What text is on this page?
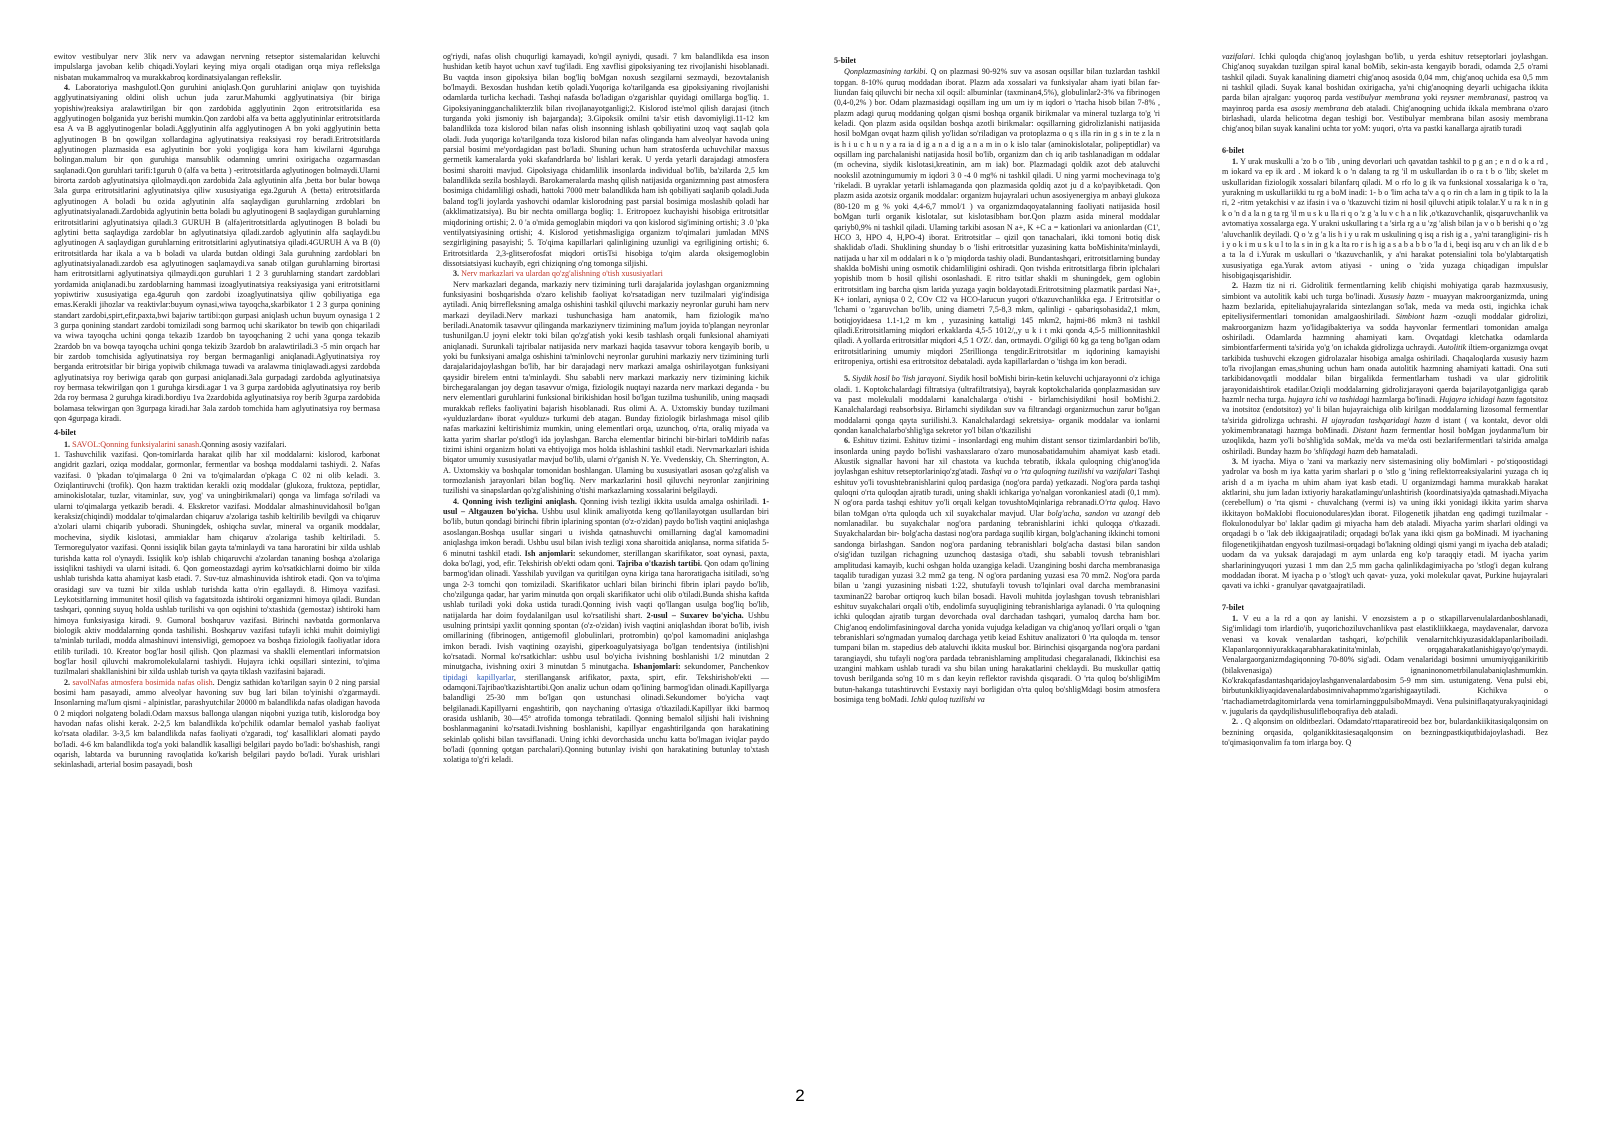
ewitov vestibulyar nerv 3lik nerv va adawgan nervning retseptor sistemalaridan keluvchi impulslarga javoban kelib chiqadi.Yoylari keying miya orqali otadigan orqa miya reflekslga nisbatan mukammalroq va murakkabroq kordinatsiyalangan reflekslir.

4. Laboratoriya mashgulotl.Qon guruhini aniqlash.Qon guruhlarini aniqlaw qon tuyishida agglyutinatsiyaning oldini olish uchun juda zarur.Mahumki agglyutinatsiya (bir biriga yopishiw)reaksiya aralawtirilgan bir qon zardobida agglyutinin 2qon eritrotsitlarida esa agglyutinogen bolganida yuz berishi mumkin.Qon zardobi alfa va betta agglyutininlar eritrotsitlarda esa A va B agglyutinogenlar boladi.Agglyutinin alfa agglyutinogen A bn yoki agglyutinin betta aglyutinogen B bn qowilgan xollardagina aglyutinatsiya reaksiyasi roy beradi.Eritrotsitlarda aglyutinogen plazmasida esa aglyutinin bor yoki yoqligiga kora ham kiwilarni 4guruhga bolingan.malum bir qon guruhiga mansublik odamning umrini oxirigacha ozgarmasdan saqlanadi.Qon guruhlari tarifi:1guruh 0 (alfa va betta ) -eritrotsitlarda aglyutinogen bolmaydi.Ularni birorta zardob aglyutinatsiya qilolmaydi.qon zardobida 2ala aglyutinin alfa ,betta bor bular bowqa 3ala gurpa eritrotsitlarini aglyutinatsiya qiliw xususiyatiga ega.2guruh A (betta) eritrotsitlarda aglyutinogen A boladi bu ozida aglyutinin alfa saqlaydigan guruhlarning zrdoblari bn aglyutinatsiyalanadi.Zardobida aglyutinin betta boladi bu aglyutinogeni B saqlaydigan guruhlarning eritrotsitlarini aglyutinatsiya qiladi.3 GURUH B (alfa)eritrotsitlarda aglyutinogen B boladi bu aglytini betta saqlaydiga zardoblar bn aglyutinatsiya qiladi.zardob aglyutinin alfa saqlaydi.bu aglyutinogen A saqlaydigan guruhlarning eritrotsitlarini aglyutinatsiya qiladi.4GURUH A va B (0) eritrotsitlarda har ikala a va b boladi va ularda butdan oldingi 3ala guruhning zardoblari bn aglyutinatsiyalanadi.zardob esa aglyutinogen saqlamaydi.va sanab otilgan guruhlarning birortasi ham eritrotsitlarni aglyutinatsiya qilmaydi.qon guruhlari 1 2 3 guruhlarning standart zardoblari yordamida aniqlanadi.bu zardoblarning hammasi izoaglyutinatsiya reaksiyasiga yani eritrotsitlarni yopiwtiriw xususiyatiga ega.4guruh qon zardobi izoaglyutinatsiya qiliw qobiliyatiga ega emas.Kerakli jihozlar va reaktivlar:buyum oynasi,wiwa tayoqcha,skarbikator 1 2 3 gurpa qonining standart zardobi,spirt,efir,paxta,bwi bajariw tartibi:qon gurpasi aniqlash uchun buyum oynasiga 1 2 3 gurpa qonining standart zardobi tomiziladi song barmoq uchi skarikator bn tewib qon chiqariladi va wiwa tayoqcha uchini qonga tekazib 1zardob bn tayoqchaning 2 uchi yana qonga tekazib 2zardob bn va bowqa tayoqcha uchini qonga tekizib 3zardob bn aralawtiriladi.3 -5 min orqach har bir zardob tomchisida aglyutinatsiya roy bergan bermaganligi aniqlanadi.Aglyutinatsiya roy berganda eritrotsitlar bir biriga yopiwib chikmaga tuwadi va aralawma tiniqlawadi.agysi zardobda aglyutinatsiya roy beriwiga qarab qon gurpasi aniqlanadi.3ala gurpadagi zardobda aglyutinatsiya roy bermasa tekwirilgan qon 1 guruhga kirsdi.agar 1 va 3 gurpa zardobida aglyutinatsiya roy berib 2da roy bermasa 2 guruhga kiradi.bordiyu 1va 2zardobida aglyutinatsiya roy berib 3gurpa zardobida bolamasa tekwirgan qon 3gurpaga kiradi.har 3ala zardob tomchida ham aglyutinatsiya roy bermasa qon 4gurpaga kiradi.

4-bilet

1. SAVOL:Qonning funksiyalarini sanash.Qonning asosiy vazifalari.

1. Tashuvchilik vazifasi. Qon-tomirlarda harakat qilib har xil moddalarni: kislorod, karbonat angidrit gazlari, oziqa moddalar, gormonlar, fermentlar va boshqa moddalarni tashiydi. 2. Nafas vazifasi. 0 'pkadan to'qimalarga 0 2ni va to'qimalardan o'pkaga C 02 ni olib keladi. 3. Oziqlantiruvchi (trofik). Qon hazm traktidan kerakli oziq moddalar (glukoza, fruktoza, peptidlar, aminokislotalar, tuzlar, vitaminlar, suv, yog' va uningbirikmalari) qonga va limfaga so'riladi va ularni to'qimalarga yetkazib beradi. 4. Ekskretor vazifasi. Moddalar almashinuvidahosil bo'lgan keraksiz(chiqindi) moddalar to'qimalardan chiqaruv a'zolariga tashib keltirilib bevilgdi va chiqaruv a'zolari ularni chiqarib yuboradi. Shuningdek, oshiqcha suvlar, mineral va organik moddalar, mochevina, siydik kislotasi, ammiaklar ham chiqaruv a'zolariga tashib keltiriladi. 5. Termoregulyator vazifasi. Qonni issiqlik bilan gayta ta'minlaydi va tana haroratini bir xilda ushlab turishda katta rol o'ynaydi. Issiqlik ko'p ishlab chiqaruvchi a'zolardan tananing boshqa a'zolariga issiqlikni tashiydi va ularni isitadi. 6. Qon gomeostazdagi ayrim ko'rsatkichlarni doimo bir xilda ushlab turishda katta ahamiyat kasb etadi. 7. Suv-tuz almashinuvida ishtirok etadi. Qon va to'qima orasidagi suv va tuzni bir xilda ushlab turishda katta o'rin egallaydi. 8. Himoya vazifasi. Leykotsitlarning immunitet hosil qilish va fagatsitozda ishtiroki organizmni himoya qiladi. Bundan tashqari, qonning suyuq holda ushlab turilishi va qon oqishini to'xtashida (gemostaz) ishtiroki ham himoya funksiyasiga kiradi. 9. Gumoral boshqaruv vazifasi. Birinchi navbatda gormonlarva biologik aktiv moddalarning qonda tashilishi. Boshqaruv vazifasi tufayli ichki muhit doimiyligi ta'minlab turiladi, modda almashinuvi intensivligi, gemopoez va boshqa fiziologik faoliyatlar idora etilib turiladi. 10. Kreator bog'lar hosil qilish. Qon plazmasi va shaklli elementlari informatsion bog'lar hosil qiluvchi makromolekulalarni tashiydi. Hujayra ichki oqsillari sintezini, to'qima tuzilmalari shakllanishini bir xilda ushlab turish va qayta tiklash vazifasini bajaradi.

2. savolNafas atmosfera bosimida nafas olish. Dengiz sathidan ko'tarilgan sayin 0 2 ning parsial bosimi ham pasayadi, ammo alveolyar havoning suv bug lari bilan to'yinishi o'zgarmaydi. Insonlarning ma'lum qismi - alpinistlar, parashyutchilar 20000 m balandlikda nafas oladigan havoda 0 2 miqdori nolgateng boladi.Odam maxsus ballonga ulangan niqobni yuziga tutib, kislorodga boy havodan nafas olishi kerak. 2-2,5 km balandlikda ko'pchilik odamlar bemalol yashab faoliyat ko'rsata oladilar. 3-3,5 km balandlikda nafas faoliyati o'zgaradi, tog' kasalliklari alomati paydo bo'ladi. 4-6 km balandlikda tog'a yoki balandlik kasalligi belgilari paydo bo'ladi: bo'shashish, rangi oqarish, labtarda va burunning ravoqlatida ko'karish belgilari paydo bo'ladi. Yurak urishlari sekinlashadi, arterial bosim pasayadi, bosh

og'riydi, nafas olish chuqurligi kamayadi, ko'ngil ayniydi, qusadi. 7 km balandlikda esa inson hushidan ketib hayot uchun xavf tug'iladi. Eng xavflisi gipoksiyaning tez rivojlanishi hisoblanadi. Bu vaqtda inson gipoksiya bilan bog'liq boMgan noxush sezgilarni sezmaydi, bezovtalanish bo'lmaydi. Bexosdan hushdan ketib qoladi.Yuqoriga ko'tarilganda esa gipoksiyaning rivojlanishi odamlarda turlicha kechadi. Tashqi nafasda bo'ladigan o'zgarishlar quyidagi omillarga bog'liq. 1. Gipoksiyaningganchalikterzlik bilan rivojlanayotganligi;2. Kislorod iste'mol qilish darajasi (itnch turganda yoki jismoniy ish bajarganda); 3.Gipoksik omilni ta'sir etish davomiyligi.11-12 km balandlikda toza kislorod bilan nafas olish insonning ishlash qobiliyatini uzoq vaqt saqlab qola oladi. Juda yuqoriga ko'tarilganda toza kislorod bilan nafas olinganda ham alveolyar havoda uning parsial bosimi me'yordagidan past bo'ladi. Shuning uchun ham stratosferda uchuvchilar maxsus germetik kameralarda yoki skafandrlarda bo' lishlari kerak. U yerda yetarli darajadagi atmosfera bosimi sharoiti mavjud. Gipoksiyaga chidamlilik insonlarda individual bo'lib, ba'zilarda 2,5 km balandlikda sezila boshlaydi. Barokameralarda mashq qilish natijasida organizmning past atmosfera bosimiga chidamliligi oshadi, hattoki 7000 metr balandlikda ham ish qobiliyati saqlanib qoladi.Juda baland tog'li joylarda yashovchi odamlar kislorodning past parsial bosimiga moslashib qoladi har (akklimatizatsiya). Bu bir nechta omillarga bogliq: 1. Eritropoez kuchayishi hisobiga eritrotsitlar miqdorining ortishi; 2. 0 'a o'mida gemoglabin miqdori va qon kislorod sig'imining ortishi; 3 .0 'pka ventilyatsiyasining ortishi; 4. Kislorod yetishmasligiga organizm to'qimalari jumladan MNS sezgirligining pasayishi; 5. To'qima kapillarlari qalinligining uzunligi va egriligining ortishi; 6. Eritrotsitlarda 2,3-glitserofosfat miqdori ortisTsi hisobiga to'qim alarda oksigemoglobin dissotsiatsiyasi kuchayib, egri chiziqning o'ng tomonga siljishi.

3. Nerv markazlari va ulardan qo'zg'alishning o'tish xususiyatlari

Nerv markazlari deganda, markaziy nerv tizimining turli darajalarida joylashgan organizmning funksiyasini boshqarishda o'zaro kelishib faoliyat ko'rsatadigan nerv tuzilmalari yig'indisiga aytiladi. Aniq birrefleksning amalga oshishini tashkil qiluvchi markaziy neyronlar guruhi ham nerv markazi deyiladi.Nerv markazi tushunchasiga ham anatomik, ham fiziologik ma'no beriladi.Anatomik tasavvur qilinganda markaziynerv tizimining ma'lum joyida to'plangan neyronlar tushuniIgan.U joyni elektr toki bilan qo'zg'atish yoki kesib tashlash orqali funksional ahamiyati aniqlanadi. Surunkali tajribalar natijasida nerv markazi haqida tasavvur tobora kengayib borib, u yoki bu funksiyani amalga oshishini ta'minlovchi neyronlar guruhini markaziy nerv tizimining turli darajalaridajoylashgan bo'lib, har bir darajadagi nerv markazi amalga oshirilayotgan funksiyani qaysidir birelem entni ta'minlaydi. Shu sababli nerv markazi markaziy nerv tizimining kichik birchegaralangan joy degan tasavvur o'miga, fiziologik nuqtayi nazarda nerv markazi deganda - bu nerv elementlari guruhlarini funksional birikishidan hosil bo'lgan tuzilma tushunilib, uning maqsadi murakkab refleks faoliyatini bajarish hisoblanadi. Rus olimi A. A. Uxtomskiy bunday tuzilmani «yulduzlardan» iborat «yulduz» turkumi deb atagan. Bunday fiziologik birlashmaga misol qilib nafas markazini keltirishimiz mumkin, uning elementlari orqa, uzunchoq, o'rta, oraliq miyada va katta yarim sharlar po'stlog'i ida joylashgan. Barcha elementlar birinchi bir-birlari toMdirib nafas tizimi ishini organizm holati va ehtiyojiga mos holda ishlashini tashkil etadi. Nervmarkazlari ishida biqator umumiy xususiyatlar mavjud bo'lib, ularni o'r'ganish N. Ye. Vvedenskiy, Ch. Sherrington, A. A. Uxtomskiy va boshqalar tomonidan boshlangan. Ulaming bu xususiyatlari asosan qo'zg'alish va tormozlanish jarayonlari bilan bog'liq. Nerv markazlarini hosil qiluvchi neyronlar zanjirining tuzilishi va sinapslardan qo'zg'alishining o'tishi markazlarning xossalarini belgilaydi.

4. Qonning ivish tezligini aniqlash. Qonning ivish tezligi ikkita usulda amalga oshiriladi. 1-usul – Altgauzen bo'yicha. Ushbu usul klinik amaliyotda keng qo'llanilayotgan usullardan biri bo'lib, butun qondagi birinchi fibrin iplarining spontan (o'z-o'zidan) paydo bo'lish vaqtini aniqlashga asoslangan.Boshqa usullar singari u ivishda qatnashuvchi omillarning dag'al kamomadini aniqlashga imkon beradi. Ushbu usul bilan ivish tezligi xona sharoitida aniqlansa, norma sifatida 5-6 minutni tashkil etadi. Ish anjomlari: sekundomer, sterillangan skarifikator, soat oynasi, paxta, doka bo'lagi, yod, efir. Tekshirish ob'ekti odam qoni. Tajriba o'tkazish tartibi. Qon odam qo'lining barmog'idan olinadi. Yasshilab yuvilgan va quritilgan oyna kiriga tana haroratigacha isitiladi, so'ng unga 2-3 tomchi qon tomiziladi. Skarifikator uchlari bilan birinchi fibrin iplari paydo bo'lib, cho'zilgunga qadar, har yarim minutda qon orqali skarifikator uchi olib o'tiladi.Bunda shisha kaftda ushlab turiladi yoki doka ustida turadi.Qonning ivish vaqti qo'llangan usulga bog'liq bo'lib, natijalarda har doim foydalanilgan usul ko'rsatilishi shart. 2-usul – Suxarev bo'yicha. Ushbu usulning printsipi yaxlit qonning spontan (o'z-o'zidan) ivish vaqtini aniqlashdan iborat bo'lib, ivish omillarining (fibrinogen, antigemofil globulinlari, protrombin) qo'pol kamomadini aniqlashga imkon beradi. Ivish vaqtining ozayishi, giperkoagulyatsiyaga bo'lgan tendentsiya (intilish)ni ko'rsatadi. Normal ko'rsatkichlar: ushbu usul bo'yicha ivishning boshlanishi 1/2 minutdan 2 minutgacha, ivishning oxiri 3 minutdan 5 minutgacha. Ishanjomlari: sekundomer, Panchenkov tipidagi kapillyarlar, sterillangansk arifikator, paxta, spirt, efir. Tekshirishob'ekti — odamqoni.Tajribao'tkazishtartibi.Qon analiz uchun odam qo'lining barmog'idan olinadi.Kapillyarga balandligi 25-30 mm bo'lgan qon ustunchasi olinadi.Sekundomer bo'yicha vaqt belgilanadi.Kapillyarni engashtirib, qon naychaning o'rtasiga o'tkaziladi.Kapillyar ikki barmoq orasida ushlanib, 30—45° atrofida tomonga tebratiladi. Qonning bemalol siljishi hali ivishning boshlanmaganini ko'rsatadi.Ivishning boshlanishi, kapillyar engashtirilganda qon harakatining sekinlab qolishi bilan tavsiflanadi. Uning ichki devorchasida unchu katta bo'lmagan iviqlar paydo bo'ladi (qonning qotgan parchalari).Qonning butunlay ivishi qon harakatining butunlay to'xtash xolatiga to'g'ri keladi.

5-bilet

Qonplazmasining tarkibi. Q on plazmasi 90-92% suv va asosan oqsillar bilan tuzlardan tashkil topgan. 8-10% quruq moddadan iborat. Plazm ada xossalari va funksiyalar aham iyati bilan far-liundan faiq qiluvchi bir necha xil oqsil: albuminlar (taxminan4,5%), globulinlar2-3% va fibrinogen (0,4-0,2% ) bor. Odam plazmasidagi oqsillam ing um um iy m iqdori o 'rtacha hisob bilan 7-8% , plazm adagi quruq moddaning qolgan qismi boshqa organik birikmalar va mineral tuzlarga to'g 'ri keladi. Qon plazm asida oqsildan boshqa azotli birikmalar: oqsillarning gidrolizlanishi natijasida hosil boMgan ovqat hazm qilish yo'lidan so'riladigan va protoplazma o q s illa rin in g s in te z la n is h i u c h u n y a ra ia d ig a n a d ig a n a m in o k islo talar (aminokislotalar, polipeptidlar) va oqsillam ing parchalanishi natijasida hosil bo'lib, organizm dan ch iq arib tashlanadigan m oddalar (m ochevina, siydik kislotasi,kreatinin, am m iak) bor. Plazmadagi qoldik azot deb ataluvchi nookslil azotningumumiy m iqdori 3 0 -4 0 mg% ni tashkil qiladi. U ning yarmi mochevinaga to'g 'rikeladi. B uyraklar yetarli ishlamaganda qon plazmasida qoldiq azot ju d a ko'payibketadi. Qon plazm asida azotsiz organik moddalar: organizm hujayralari uchun asosiyenergiya m anbayi glukoza (80-120 m g % yoki 4,4-6,7 mmol/1 ) va organizmdaqoyatalanning faoliyati natijasida hosil boMgan turli organik kislotalar, sut kislotasibham bor.Qon plazm asida mineral moddalar qariyb0,9% ni tashkil qiladi. Ulaming tarkibi asosan N a+, K +C a = kationlari va anionlardan (C1', HCO 3, HPO 4, H,PO-4) iborat. Eritrotsitlar – qizil qon tanachalari, ikki tomoni botiq disk shaklidab o'ladi. Shuklining shunday b o 'lishi eritrotsitlar yuzasining katta boMishinita'minlaydi, natijada u har xil m oddalari n k o 'p miqdorda tashiy oladi. Bundantashqari, eritrotsitlarning bunday shaklda boMishi uning osmotik chidamliligini oshiradi. Qon tvishda eritrotsitlarga fibrin iplchalari yopishib tnom b hosil qilishi osonlashadi. E ritro tsitlar shakli m shuningdek, gem oglobin eritrotsitlam ing barcha qism larida yuzaga yaqin boldayotadi.Eritrotsitning plazmatik pardasi Na+, K+ ionlari, ayniqsa 0 2, COv Cl2 va HCO-larucun yuqori o'tkazuvchanlikka ega. J Eritrotsitlar o 'lchami o 'zgaruvchan bo'lib, uning diametri 7,5-8,3 mkm, qalinligi - qabariqsohasida2,1 mkm, botiqjoyidaesa 1.1-1,2 m km , yuzasining kattaligi 145 mkm2, hajmi-86 mkm3 ni tashkil qiladi.Eritrotsitlarning miqdori erkaklarda 4,5-5 1012/,,y u k i t mki qonda 4,5-5 millionnitashkil qiladi. A yollarda eritrotsitlar miqdori 4,5 1 O'Z/. dan, ortmaydi. O'giligi 60 kg ga teng bo'lgan odam eritrotsitlarining umumiy miqdori 25trillionga tengdir.Eritrotsitlar m iqdorining kamayishi eritropeniya, ortishi esa eritrotsitoz debataladi. ayda kapillarlardan o 'tishga im kon beradi.

5. Siydik hosil bo 'lish jarayoni. Siydik hosil boMishi birin-ketin keluvchi uchjarayonni o'z ichiga oladi. 1. Koptokchalardagi filtratsiya (ultrafiltratsiya), bayrak koptokchalarida qonplazmasidan suv va past molekulali moddalarni kanalchalarga o'tishi - birlamchisiydikni hosil boMishi.2. Kanalchalardagi reabsorbsiya. Birlamchi siydikdan suv va filtrandagi organizmuchun zarur bo'lgan moddalarni qonga qayta suriilishi.3. Kanalchalardagi sekretsiya- organik moddalar va ionlarni qondan kanalchalarbo'shlig'iga sekretor yo'l bilan o'tkazilishi

6. Eshituv tizimi. Eshituv tizimi - insonlardagi eng muhim distant sensor tizimlardanbiri bo'lib, insonlarda uning paydo bo'lishi vashaxslararo o'zaro munosabatidamuhim ahamiyat kasb etadi. Akustik signallar havoni har xil chastota va kuchda tebratib, ikkala quloqning chig'anog'ida joylashgan eshituv retseptorlariniqo'zg'atadi. Tashqi va o 'rta quloqning tuzilishi va vazifalari Tashqi eshituv yo'li tovushtebranishlarini quloq pardasiga (nog'ora parda) yetkazadi. Nog'ora parda tashqi quloqni o'rta quloqdan ajratib turadi, uning shakli ichkariga yo'nalgan voronkaniesl atadi (0,1 mm). N og'ora parda tashqi eshituv yo'li orqali kelgan tovushtoMqinlariga rebranadi.O'rta quloq. Havo bilan toMgan o'rta quloqda uch xil suyakchalar mavjud. Ular bolg'acha, sandon va uzangi deb nomlanadilar. bu suyakchalar nog'ora pardaning tebranishlarini ichki quloqqa o'tkazadi. Suyakchalardan bir- bolg'acha dastasi nog'ora pardaga suqilib kirgan, bolg'achaning ikkinchi tomoni sandonga birlashgan. Sandon nog'ora pardaning tebranishlari bolg'acha dastasi bilan sandon o'sig'idan tuzilgan richagning uzunchoq dastasiga o'tadi, shu sababli tovush tebranishlari amplitudasi kamayib, kuchi oshgan holda uzangiga keladi. Uzangining boshi darcha membranasiga taqalib turadigan yuzasi 3.2 mm2 ga teng. N og'ora pardaning yuzasi esa 70 mm2. Nog'ora parda bilan u 'zangi yuzasining nisbati 1:22, shutufayli tovush to'lqinlari oval darcha membranasini taxminan22 barobar ortiqroq kuch bilan bosadi. Havoli muhitda joylashgan tovush tebranishlari eshituv suyakchalari orqali o'tib, endolimfa suyuqligining tebranishlariga aylanadi. 0 'rta quloqning ichki quloqdan ajratib turgan devorchada oval darchadan tashqari, yumaloq darcha ham bor. Chig'anoq endolimfasiningoval darcha yonida vujudga keladigan va chig'anoq yo'llari orqali o 'tgan tebranishlari so'ngmadan yumaloq darchaga yetib keiad Eshituv analizatori 0 'rta quloqda m. tensor tumpani bilan m. stapedius deb ataluvchi ikkita muskul bor. Birinchisi qisqarganda nog'ora pardani tarangiaydi, shu tufayli nog'ora pardada tebranishlarning amplitudasi chegaralanadi, Ikkinchisi esa uzangini mahkam ushlab turadi va shu bilan uning harakatlarini cheklaydi. Bu muskullar qattiq tovush berilganda so'ng 10 m s dan keyin reflektor ravishda qisqaradi. O 'rta quloq bo'shligiMm butun-hakanga tutashtiruvchi Evstaxiy nayi borligidan o'rta quloq bo'shligMdagi bosim atmosfera bosimiga teng boMadi. Ichki quloq tuzilishi va

vazifalari. Ichki quloqda chig'anoq joylashgan bo'lib, u yerda eshituv retseptorlari joylashgan. Chig'anoq suyakdan tuzilgan spiral kanal boMib, sekin-asta kengayib boradi, odamda 2,5 o'rami tashkil qiladi. Suyak kanalining diametri chig'anoq asosida 0,04 mm, chig'anoq uchida esa 0,5 mm ni tashkil qiladi. Suyak kanal boshidan oxirigacha, ya'ni chig'anoqning deyarli uchigacha ikkita parda bilan ajralgan: yuqoroq parda vestibulyar membrana yoki reysner membranasi, pastroq va mayinroq parda esa asosiy membrana deb ataladi. Chig'anoqning uchida ikkala membrana o'zaro birlashadi, ularda helicotma degan teshigi bor. Vestibulyar membrana bilan asosiy membrana chig'anoq bilan suyak kanalini uchta tor yoM: yuqori, o'rta va pastki kanallarga ajratib turadi

6-bilet

1. Y urak muskulli a 'zo b o 'lib , uning devorlari uch qavatdan tashkil to p g an ; e n d o k a rd , m iokard va ep ik ard . M iokard k o 'n dalang ta rg 'il m uskullardan ib o ra t b o 'lib; skelet m uskullaridan fiziologik xossalari bilanfarq qiladi. M o rfo lo g ik va funksional xossalariga k o 'ra, yurakning m uskullariikki tu rg a boM inadi: 1- b o 'lim acha ta'v a q o rin ch a lam in g tipik to la la ri, 2 -ritm yetakchisi v az ifasin i va o 'tkazuvchi tizim ni hosil qiluvchi atipik tolalar.Y u ra k n in g k o 'n d a la n g ta rg 'il m u s k u lla ri q o 'z g 'a lu v c h a n lik ,o'tkazuvchanlik, qisqaruvchanlik va avtomatiya xossalarga ega. Y urakni uskullaring t a 'sirla rg a u 'zg 'alish bilan ja v o b berishi q o 'zg 'aluvchanlik deyiladi. Q o 'z g 'a lis h i y u rak m uskulining q isq a rish ig a , ya'ni tarangligini- ris h i y o k i m u s k u l to la s in in g k a lta ro r is h ig a s a b a b b o 'la d i, beqi isq aru v ch an lik d e b a ta la d i.Yurak m uskullari o 'tkazuvchanlik, y a'ni harakat potensialini tola bo'ylabtarqatish xususiyatiga ega.Yurak avtom atiyasi - uning o 'zida yuzaga chiqadigan impulslar hisobigaqisqarishidir.

2. Hazm tiz ni ri. Gidrolitik fermentlarning kelib chiqishi mohiyatiga qarab hazmxususiy, simbiont va autolitik kabi uch turga bo'linadi. Xususiy hazm - muayyan makroorganizmda, uning hazm bezlarida, epiteliahujayralarida sintezlangan so'lak, meda va meda osti, ingichka ichak epiteliysifermentlari tomonidan amalgaoshiriladi. Simbiont hazm -ozuqli moddalar gidrolizi, makroorganizm hazm yo'lidagibakteriya va sodda hayvonlar fermentlari tomonidan amalga oshiriladi. Odamlarda hazmning ahamiyati kam. Ovqatdagi kletchatka odamlarda simbiontfarfermenti ta'sirida yo'g 'on ichakda gidrolizga uchraydi. Autolitik iltiem-organizmga ovqat tarkibida tushuvchi ekzogen gidrolazalar hisobiga amalga oshiriladi. Chaqaloqlarda xususiy hazm to'la rivojlangan emas,shuning uchun ham onada autolitik hazmning ahamiyati kattadi. Ona suti tarkibidanovqatli moddalar bilan birgalikda fermentlarham tushadi va ular gidrolitik jarayonidaishtirok etadilar.Oziqli moddalarning gidrolizjarayoni qaerda bajarilayotganligiga qarab hazmlr necha turga. hujayra ichi va tashidagi hazmlarga bo'linadi. Hujayra ichidagi hazm fagotsitoz va inotsitoz (endotsitoz) yo' li bilan hujayraichiga olib kirilgan moddalarning lizosomal fermentlar ta'sirida gidrolizga uchrashi. H ujayradan tashqaridagi hazm d istant ( va kontakt, devor oldi yokimembranatagi hazmga boMinadi. Distant hazm fermentlar hosil boMgan joydanma'lum bir uzoqlikda, hazm yo'li bo'shlig'ida soMak, me'da va me'da osti bezlarifermentlari ta'sirida amalga oshiriladi. Bunday hazm bo 'shliqdagi hazm deb hamataladi.

3. M iyacha. Miya o 'zani va markaziy nerv sistemasining oliy boMimlari - po'stiqoostidagi yadrolar va bosh m iya katta yarim sharlari p o 'stlo g 'ining reflektorreaksiyalarini yuzaga ch iq arish d a m iyacha m uhim aham iyat kasb etadi. U organizmdagi hamma murakkab harakat aktlarini, shu jum ladan ixtiyoriy harakatlamingu'unlashtirish (koordinatsiya)da qatnashadi.Miyacha (cerebellum) o 'rta qismi - chuvalchang (vermi is) va uning ikki yonidagi ikkita yarim sharva ikkitayon boMakIobi flocuionodulares)dan iborat. Filogenetik jihatdan eng qadimgi tuzilmalar - flokulonodulyar bo' laklar qadim gi miyacha ham deb ataladi. Miyacha yarim sharlari oldingi va orqadagi b o 'lak deb ikkigaajratiladi; orqadagi bo'lak yana ikki qism ga boMinadi. M iyachaning filogenetikjihatdan engyosh tuzilmasi-orqadagi bo'lakning oldingi qismi yangi m iyacha deb ataladi; uodam da va yuksak darajadagi m aym unlarda eng ko'p taraqqiy etadi. M iyacha yarim sharlariningyuqori yuzasi 1 mm dan 2,5 mm gacha qalinlikdagimiyacha po 'stlog'i degan kulrang moddadan iborat. M iyacha p o 'stlog't uch qavat- yuza, yoki molekular qavat, Purkine hujayralari qavati va ichki - granulyar qavatgaajratiladi.

7-bilet

1. V eu a la rd a qon ay lanishi. V enozsistem a p o stkapillarvenulalardanboshlanadi, Sig'imlidagi tom irlardio'ib, yuqorichoziluvchanlikva past elastikliikkaega, maydavenalar, darvoza venasi va kovak venalardan tashqari, ko'pchilik venalarnitchkiyuzasidaklapanlariboiladi. Klapanlarqonniyurakkaqarabharakatinita'minlab, orqagaharakatlanishigayo'qo'ymaydi. Venalargaorganizmdagiqonning 70-80% sig'adi. Odam venalaridagi bosimni umumiyqiganikiritib (bilakvenasiga) ignaninonometrbilanulabaniqlashmumkin. Ko'krakqafasdantashqaridajoylashganvenalardabosim 5-9 mm sim. ustunigateng. Vena pulsi ebi, birbutunkikliyaqidavenalardabosimnivahapmmo'zgarishigaaytiladi. Kichikva o 'rtachadiametrdagitomirlarda vena tomirlarninggpulsiboMmaydi. Vena pulsiniflaqatyurakyaqinidagi v. jugularis da qaydqilishusulifleboqrafiya deb ataladi.

2. . Q alqonsim on olditbezlari. Odamdato'rttaparatireoid bez bor, bulardankiikitasiqalqonsim on beznining orqasida, qolganikkitasiesaqalqonsim on bezningpastkiqutbidajoylashadi. Bez to'qimasiqonvalim fa tom irlarga boy. Q

2
